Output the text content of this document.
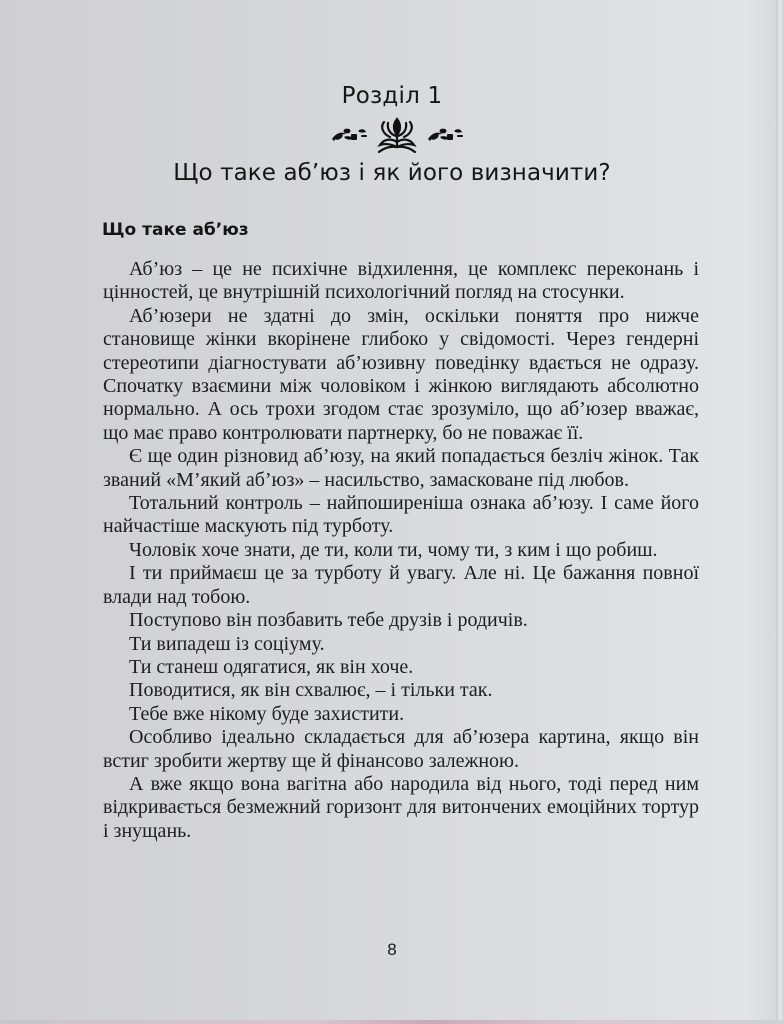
Розділ 1
Що таке аб’юз і як його визначити?
Що таке аб’юз

Аб’юз – це не психічне відхилення, це комплекс переконань і цінностей, це внутрішній психологічний погляд на стосунки.

Аб’юзери не здатні до змін, оскільки поняття про нижче становище жінки вкорінене глибоко у свідомості. Через гендерні стереотипи діагностувати аб’юзивну поведінку вдається не одразу. Спочатку взаємини між чоловіком і жінкою виглядають абсолютно нормально. А ось трохи згодом стає зрозуміло, що аб’юзер вважає, що має право контролювати партнерку, бо не поважає її.

Є ще один різновид аб’юзу, на який попадається безліч жінок. Так званий «М’який аб’юз» – насильство, замасковане під любов.

Тотальний контроль – найпоширеніша ознака аб’юзу. І саме його найчастіше маскують під турботу.

Чоловік хоче знати, де ти, коли ти, чому ти, з ким і що робиш.

І ти приймаєш це за турботу й увагу. Але ні. Це бажання повної влади над тобою.

Поступово він позбавить тебе друзів і родичів.

Ти випадеш із соціуму.

Ти станеш одягатися, як він хоче.

Поводитися, як він схвалює, – і тільки так.

Тебе вже нікому буде захистити.

Особливо ідеально складається для аб’юзера картина, якщо він встиг зробити жертву ще й фінансово залежною.

А вже якщо вона вагітна або народила від нього, тоді перед ним відкривається безмежний горизонт для витончених емоційних тортур і знущань.

8
